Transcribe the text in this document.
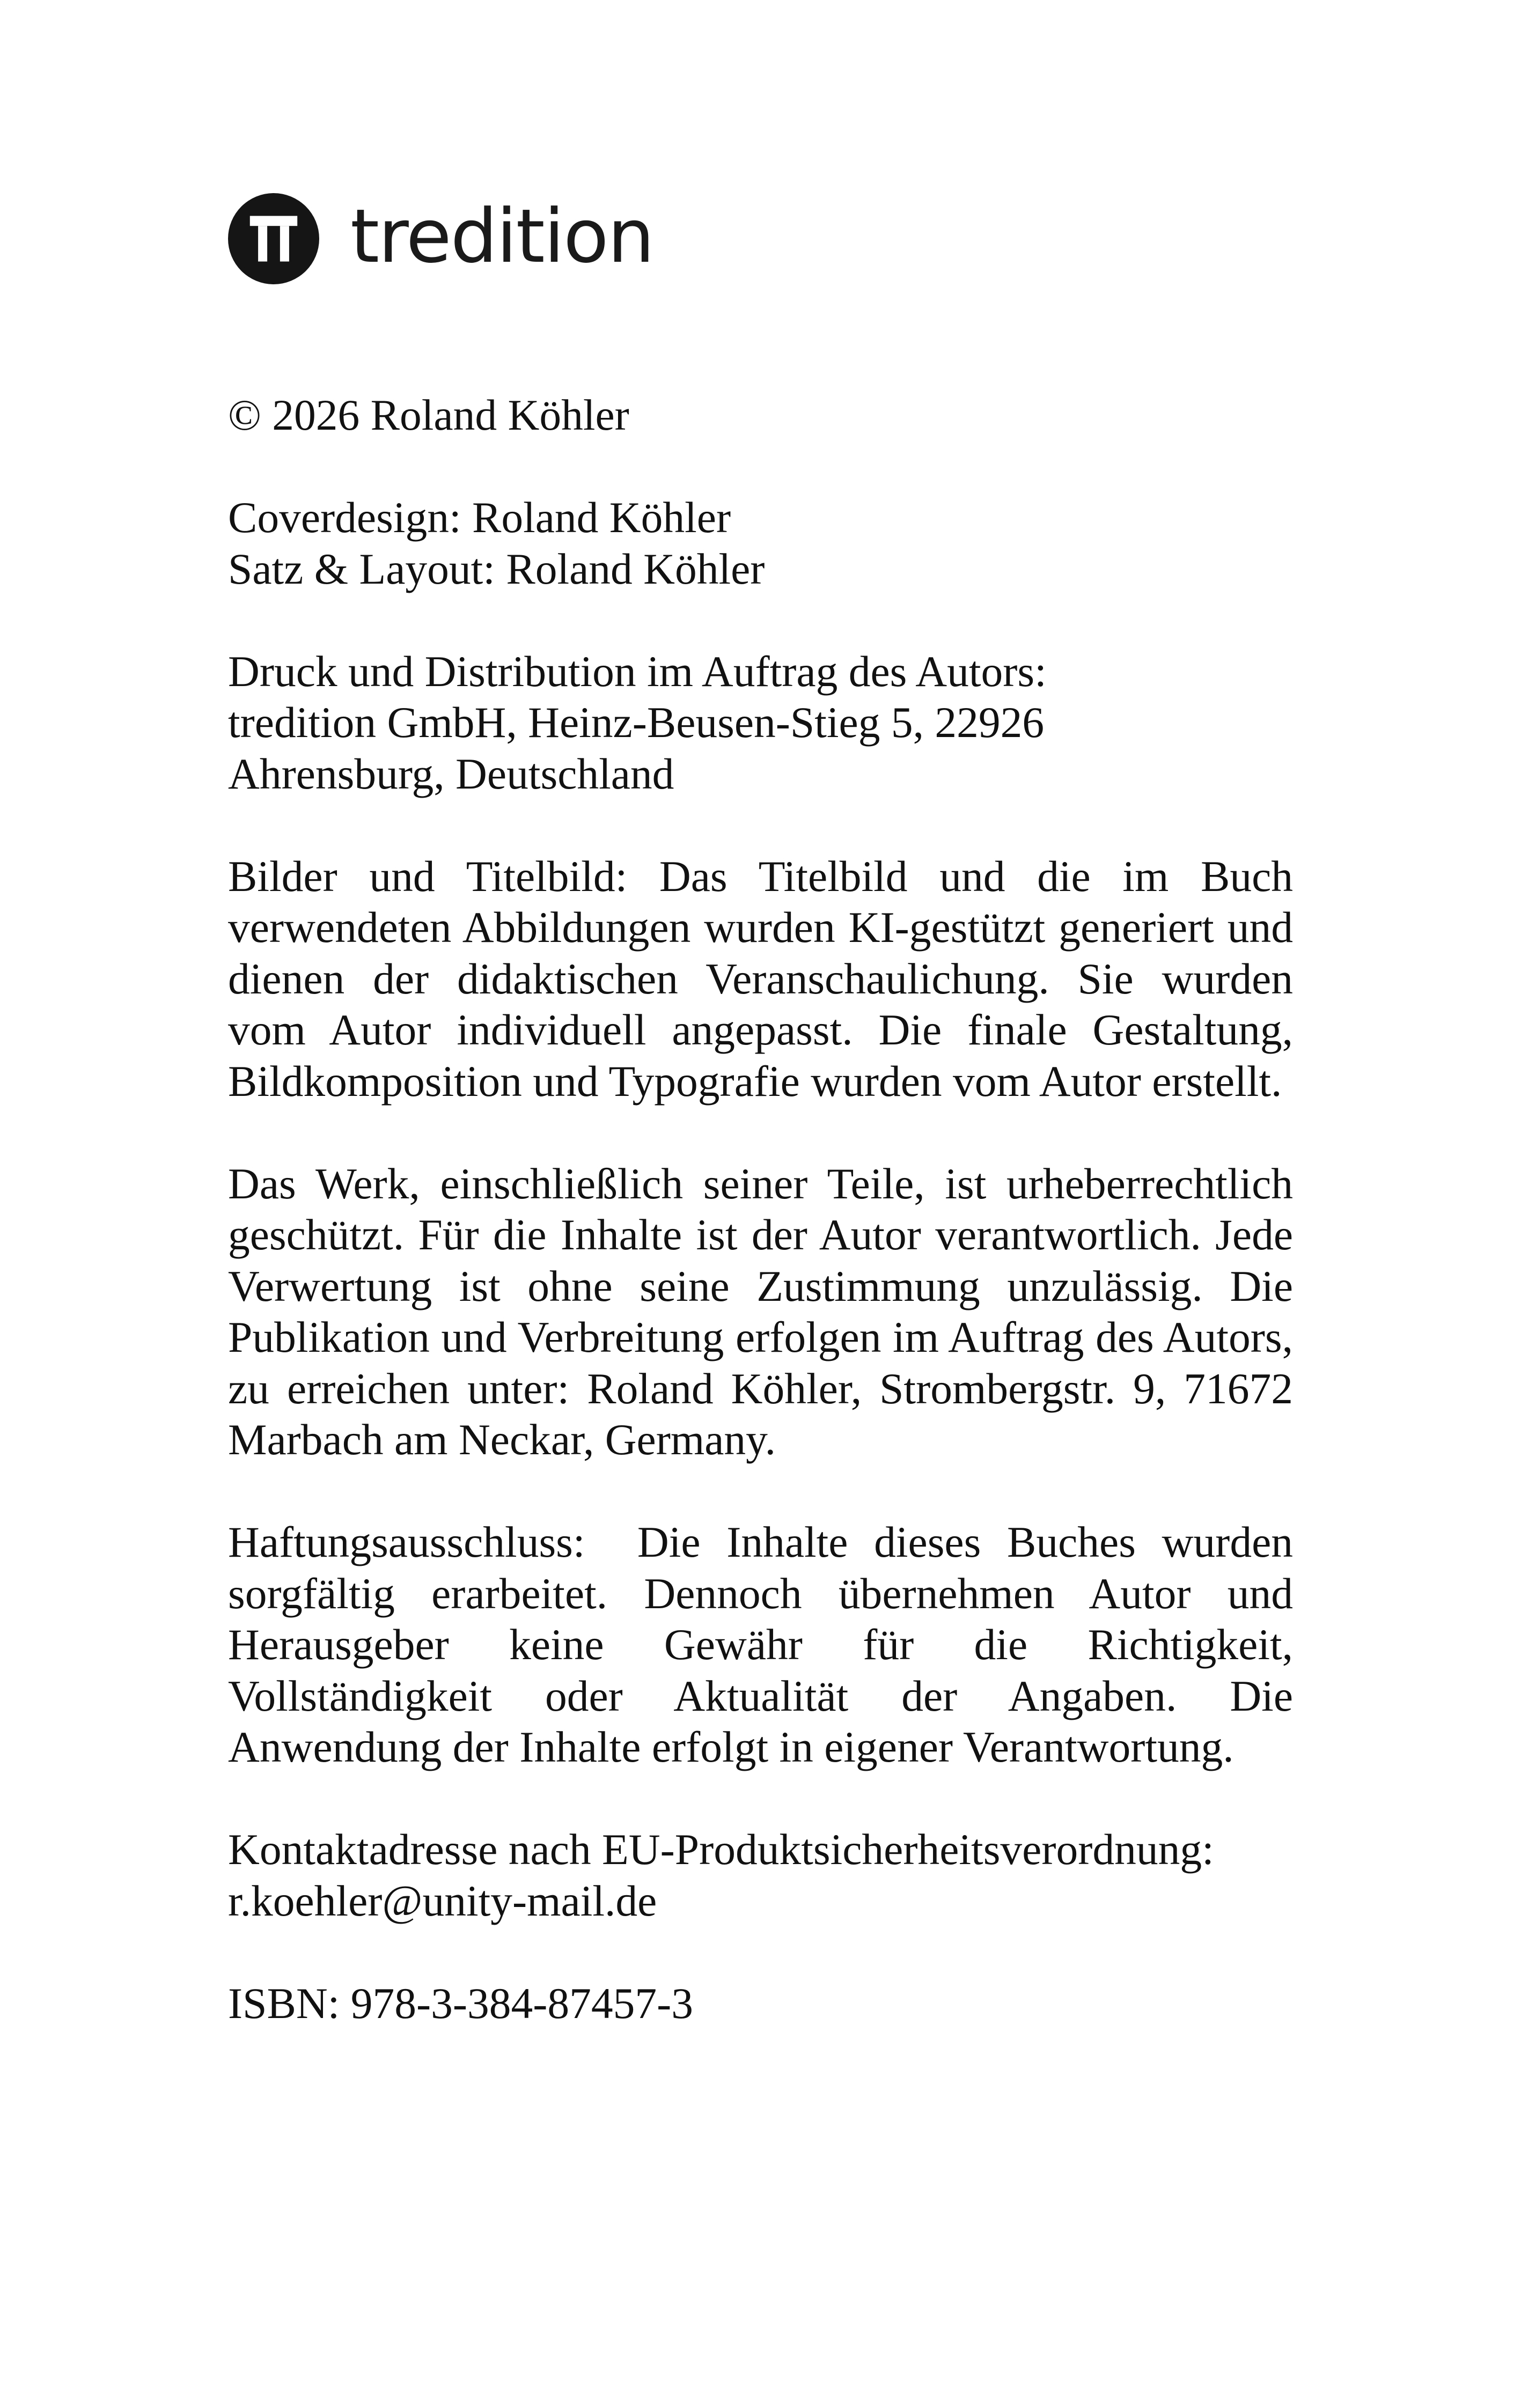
tredition
© 2026 Roland Köhler
Coverdesign: Roland Köhler
Satz & Layout: Roland Köhler
Druck und Distribution im Auftrag des Autors:
tredition GmbH, Heinz-Beusen-Stieg 5, 22926
Ahrensburg, Deutschland
Bilder und Titelbild: Das Titelbild und die im Buch verwendeten Abbildungen wurden KI-gestützt generiert und dienen der didaktischen Veranschaulichung. Sie wurden vom Autor individuell angepasst. Die finale Gestaltung, Bildkomposition und Typografie wurden vom Autor erstellt.
Das Werk, einschließlich seiner Teile, ist urheberrechtlich geschützt. Für die Inhalte ist der Autor verantwortlich. Jede Verwertung ist ohne seine Zustimmung unzulässig. Die Publikation und Verbreitung erfolgen im Auftrag des Autors, zu erreichen unter: Roland Köhler, Strombergstr. 9, 71672 Marbach am Neckar, Germany.
Haftungsausschluss:  Die Inhalte dieses Buches wurden sorgfältig erarbeitet. Dennoch übernehmen Autor und Herausgeber keine Gewähr für die Richtigkeit, Vollständigkeit oder Aktualität der Angaben. Die Anwendung der Inhalte erfolgt in eigener Verantwortung.
Kontaktadresse nach EU-Produktsicherheitsverordnung:
r.koehler@unity-mail.de
ISBN: 978-3-384-87457-3
